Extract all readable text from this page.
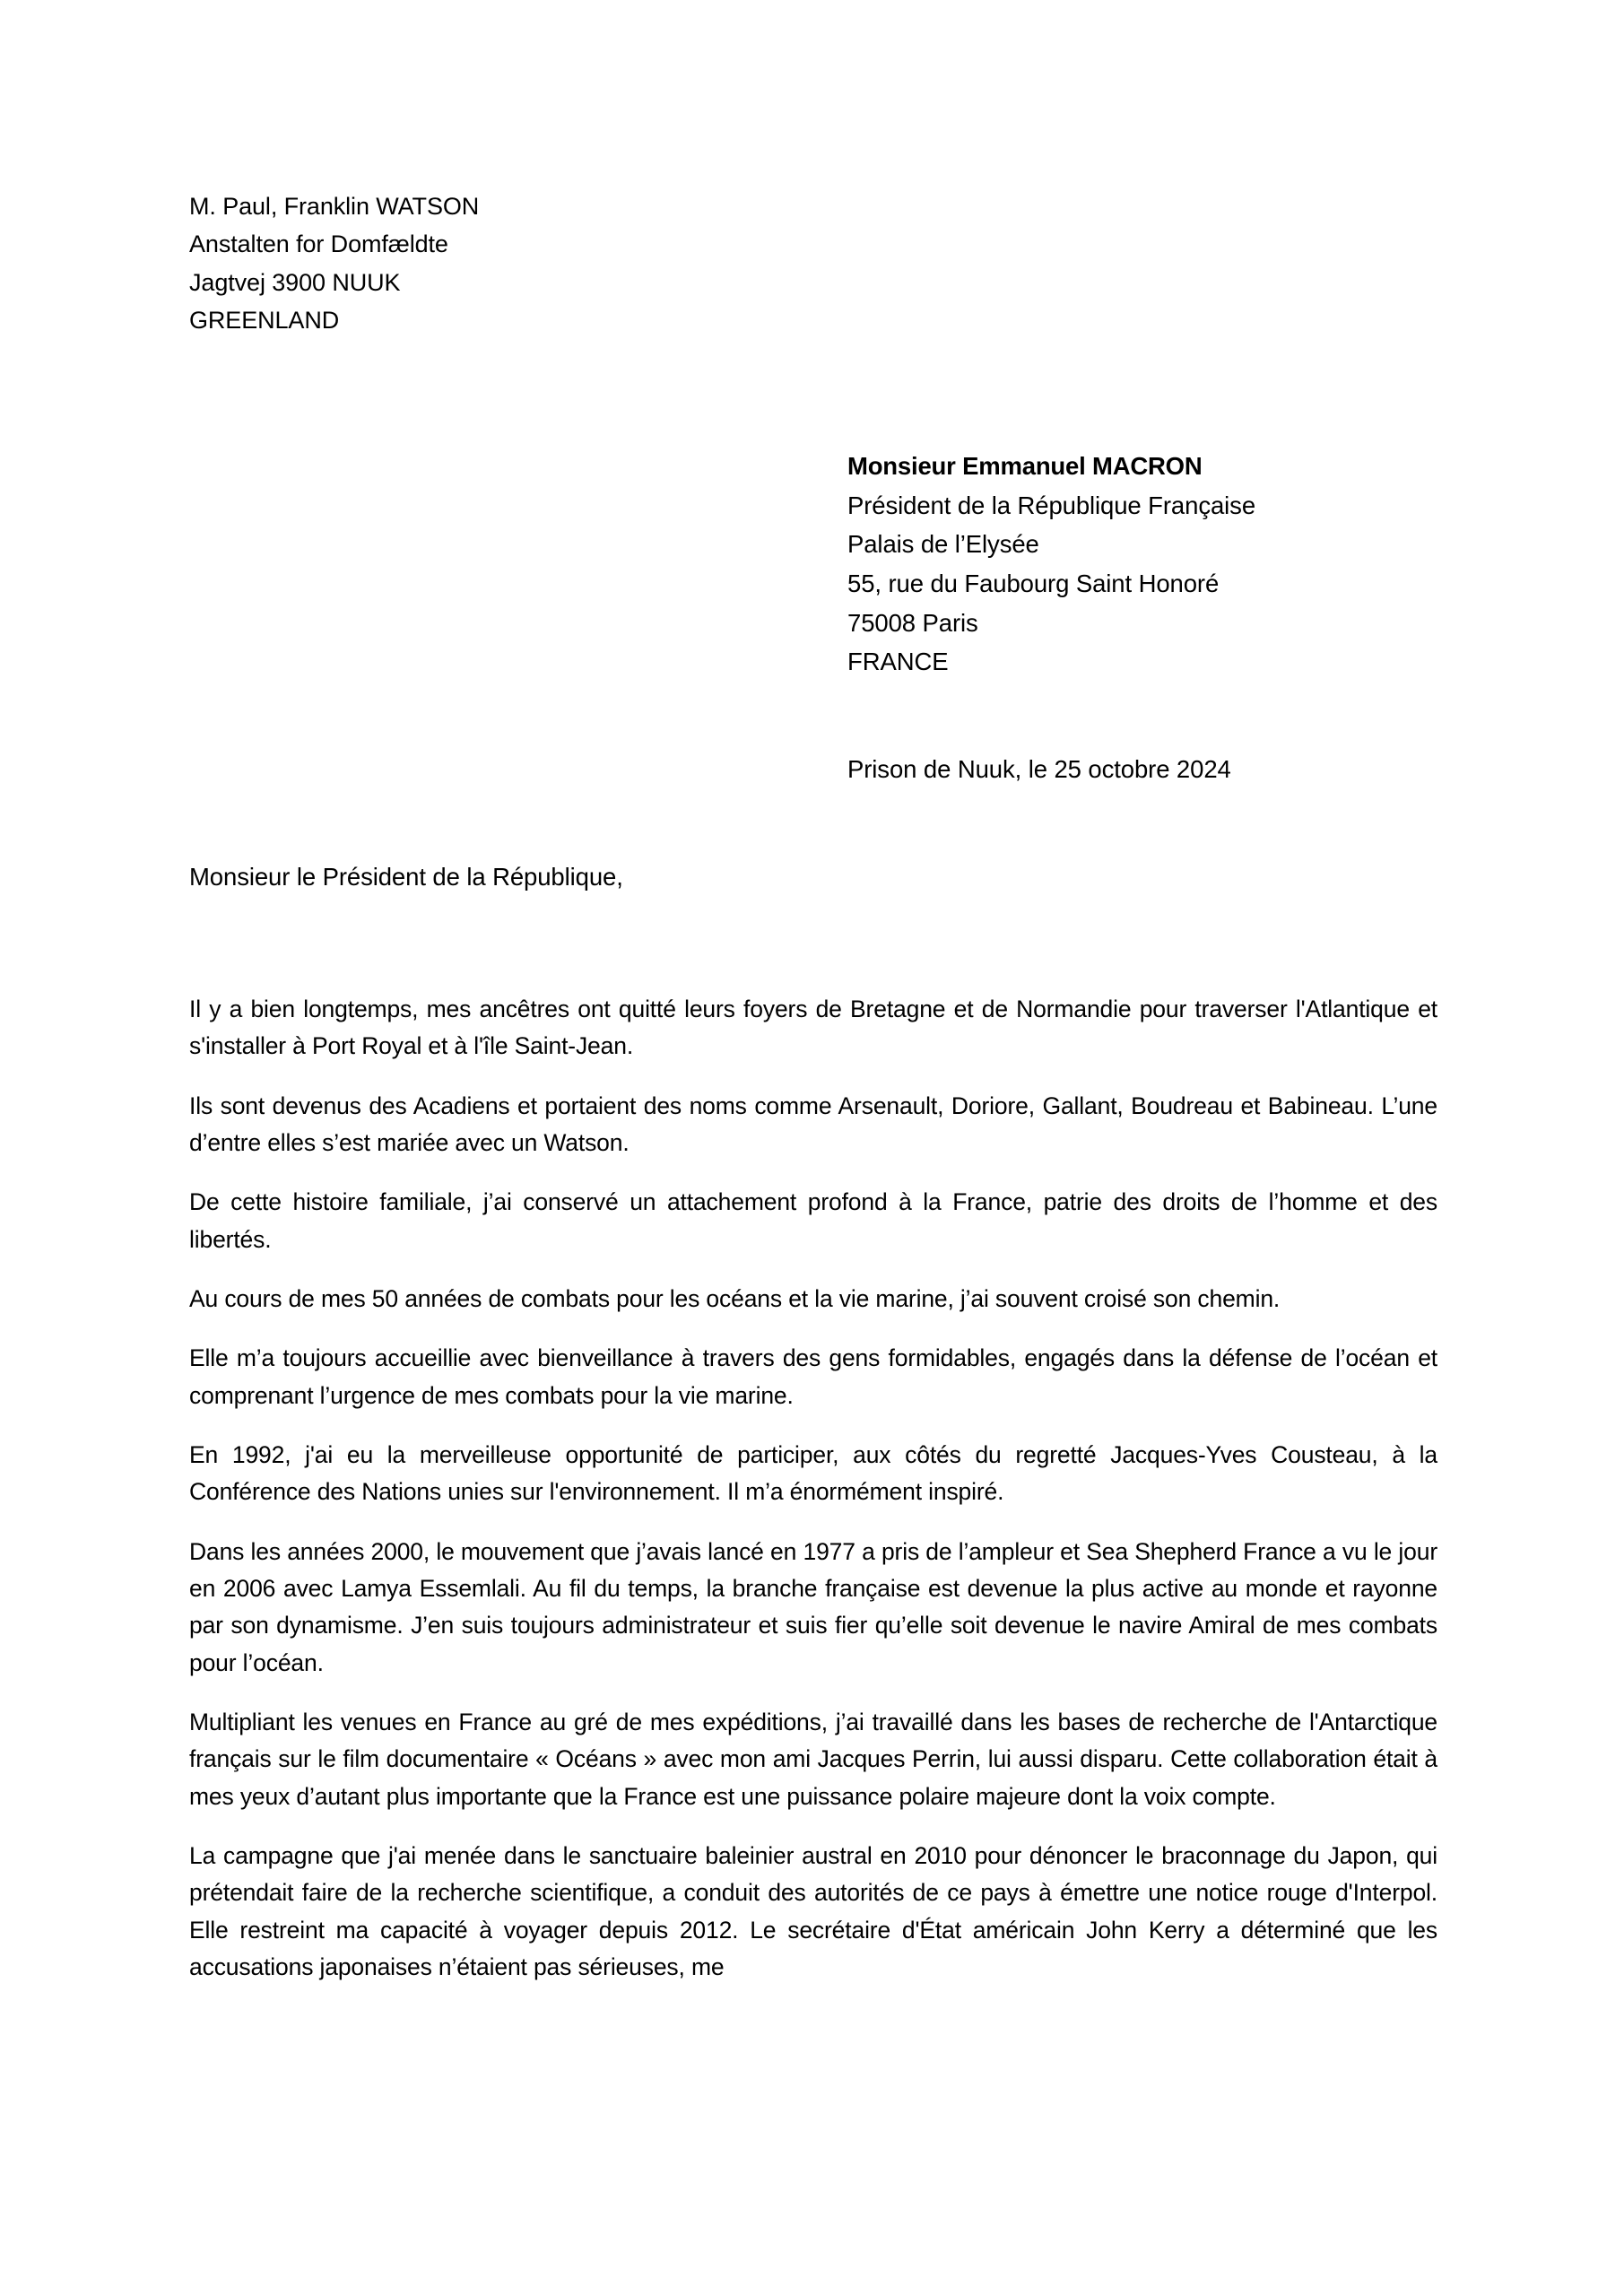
M. Paul, Franklin WATSON
Anstalten for Domfældte
Jagtvej 3900 NUUK
GREENLAND
Monsieur Emmanuel MACRON
Président de la République Française
Palais de l’Elysée
55, rue du Faubourg Saint Honoré
75008 Paris
FRANCE
Prison de Nuuk, le 25 octobre 2024
Monsieur le Président de la République,

Il y a bien longtemps, mes ancêtres ont quitté leurs foyers de Bretagne et de Normandie pour traverser l'Atlantique et s'installer à Port Royal et à l'île Saint-Jean.

Ils sont devenus des Acadiens et portaient des noms comme Arsenault, Doriore, Gallant, Boudreau et Babineau. L’une d’entre elles s’est mariée avec un Watson.

De cette histoire familiale, j’ai conservé un attachement profond à la France, patrie des droits de l’homme et des libertés.

Au cours de mes 50 années de combats pour les océans et la vie marine, j’ai souvent croisé son chemin.

Elle m’a toujours accueillie avec bienveillance à travers des gens formidables, engagés dans la défense de l’océan et comprenant l’urgence de mes combats pour la vie marine.

En 1992, j'ai eu la merveilleuse opportunité de participer, aux côtés du regretté Jacques-Yves Cousteau, à la Conférence des Nations unies sur l'environnement. Il m’a énormément inspiré.

Dans les années 2000, le mouvement que j’avais lancé en 1977 a pris de l’ampleur et Sea Shepherd France a vu le jour en 2006 avec Lamya Essemlali. Au fil du temps, la branche française est devenue la plus active au monde et rayonne par son dynamisme. J’en suis toujours administrateur et suis fier qu’elle soit devenue le navire Amiral de mes combats pour l’océan.

Multipliant les venues en France au gré de mes expéditions, j’ai travaillé dans les bases de recherche de l'Antarctique français sur le film documentaire « Océans » avec mon ami Jacques Perrin, lui aussi disparu. Cette collaboration était à mes yeux d’autant plus importante que la France est une puissance polaire majeure dont la voix compte.

La campagne que j'ai menée dans le sanctuaire baleinier austral en 2010 pour dénoncer le braconnage du Japon, qui prétendait faire de la recherche scientifique, a conduit des autorités de ce pays à émettre une notice rouge d'Interpol. Elle restreint ma capacité à voyager depuis 2012. Le secrétaire d'État américain John Kerry a déterminé que les accusations japonaises n’étaient pas sérieuses, me
